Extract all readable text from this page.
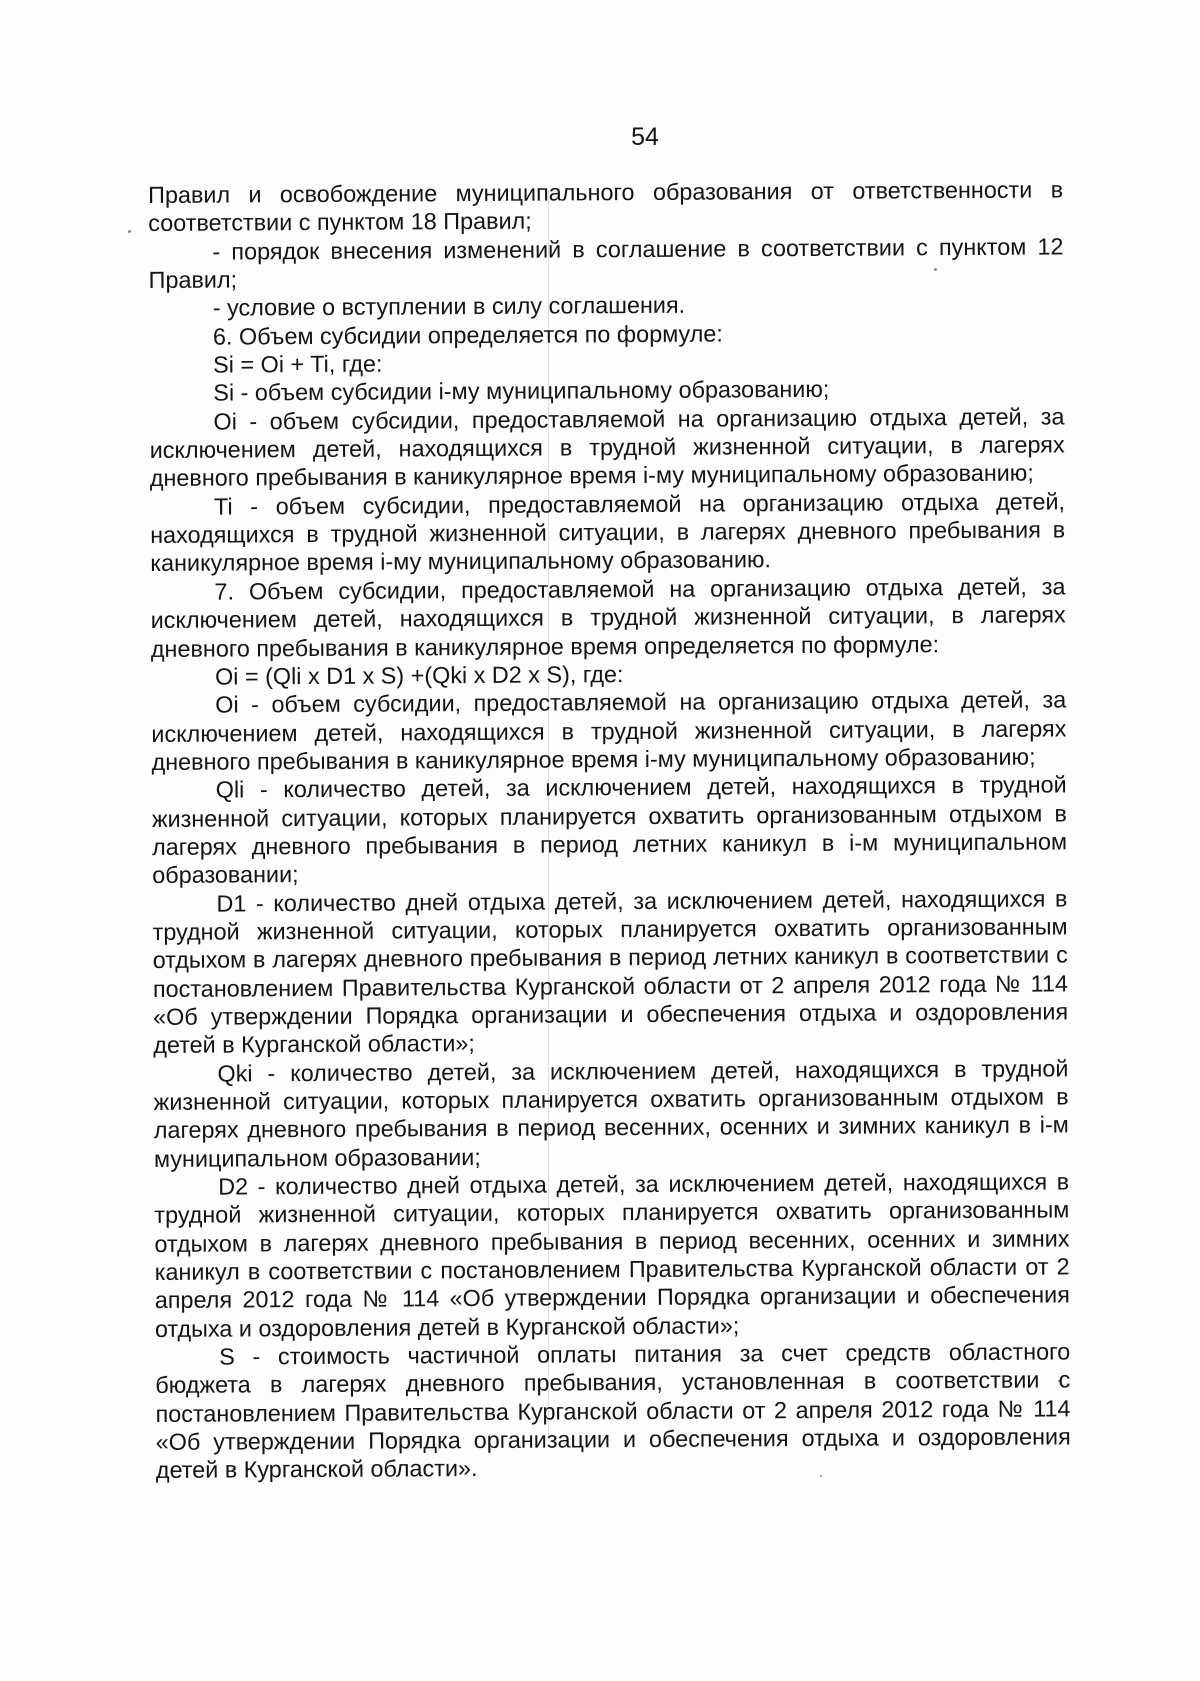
54

Правил и освобождение муниципального образования от ответственности в соответствии с пунктом 18 Правил;

- порядок внесения изменений в соглашение в соответствии с пунктом 12 Правил;

- условие о вступлении в силу соглашения.

6. Объем субсидии определяется по формуле:

Si = Oi + Ti, где:

Si - объем субсидии i-му муниципальному образованию;

Oi - объем субсидии, предоставляемой на организацию отдыха детей, за исключением детей, находящихся в трудной жизненной ситуации, в лагерях дневного пребывания в каникулярное время i-му муниципальному образованию;

Ti - объем субсидии, предоставляемой на организацию отдыха детей, находящихся в трудной жизненной ситуации, в лагерях дневного пребывания в каникулярное время i-му муниципальному образованию.

7. Объем субсидии, предоставляемой на организацию отдыха детей, за исключением детей, находящихся в трудной жизненной ситуации, в лагерях дневного пребывания в каникулярное время определяется по формуле:

Oi = (Qli x D1 x S) +(Qki x D2 x S), где:

Oi - объем субсидии, предоставляемой на организацию отдыха детей, за исключением детей, находящихся в трудной жизненной ситуации, в лагерях дневного пребывания в каникулярное время i-му муниципальному образованию;

Qli - количество детей, за исключением детей, находящихся в трудной жизненной ситуации, которых планируется охватить организованным отдыхом в лагерях дневного пребывания в период летних каникул в i-м муниципальном образовании;

D1 - количество дней отдыха детей, за исключением детей, находящихся в трудной жизненной ситуации, которых планируется охватить организованным отдыхом в лагерях дневного пребывания в период летних каникул в соответствии с постановлением Правительства Курганской области от 2 апреля 2012 года № 114 «Об утверждении Порядка организации и обеспечения отдыха и оздоровления детей в Курганской области»;

Qki - количество детей, за исключением детей, находящихся в трудной жизненной ситуации, которых планируется охватить организованным отдыхом в лагерях дневного пребывания в период весенних, осенних и зимних каникул в i-м муниципальном образовании;

D2 - количество дней отдыха детей, за исключением детей, находящихся в трудной жизненной ситуации, которых планируется охватить организованным отдыхом в лагерях дневного пребывания в период весенних, осенних и зимних каникул в соответствии с постановлением Правительства Курганской области от 2 апреля 2012 года № 114 «Об утверждении Порядка организации и обеспечения отдыха и оздоровления детей в Курганской области»;

S - стоимость частичной оплаты питания за счет средств областного бюджета в лагерях дневного пребывания, установленная в соответствии с постановлением Правительства Курганской области от 2 апреля 2012 года № 114 «Об утверждении Порядка организации и обеспечения отдыха и оздоровления детей в Курганской области».
